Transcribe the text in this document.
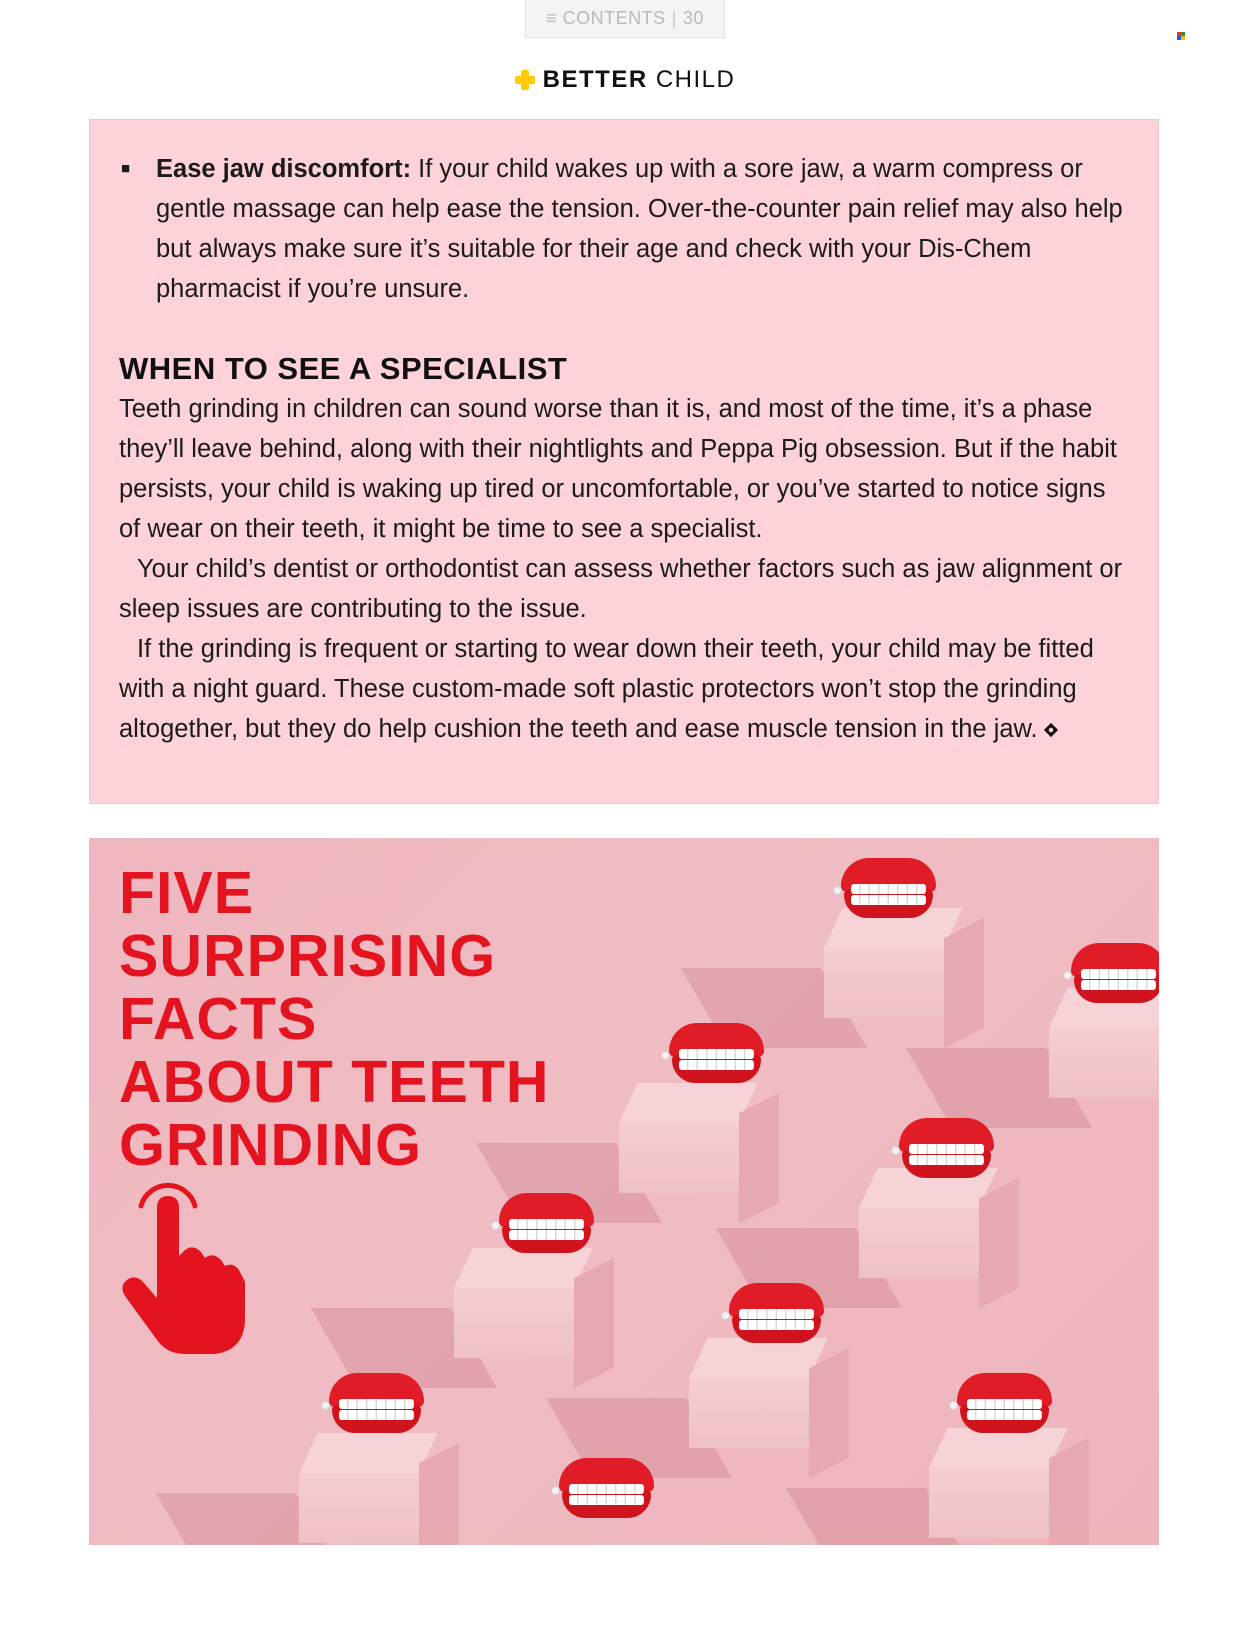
≡ CONTENTS | 30
BETTER CHILD
■	Ease jaw discomfort: If your child wakes up with a sore jaw, a warm compress or gentle massage can help ease the tension. Over-the-counter pain relief may also help but always make sure it’s suitable for their age and check with your Dis-Chem pharmacist if you’re unsure.
WHEN TO SEE A SPECIALIST

Teeth grinding in children can sound worse than it is, and most of the time, it’s a phase they’ll leave behind, along with their nightlights and Peppa Pig obsession. But if the habit persists, your child is waking up tired or uncomfortable, or you’ve started to notice signs of wear on their teeth, it might be time to see a specialist.

Your child’s dentist or orthodontist can assess whether factors such as jaw alignment or sleep issues are contributing to the issue.

If the grinding is frequent or starting to wear down their teeth, your child may be fitted with a night guard. These custom-made soft plastic protectors won’t stop the grinding altogether, but they do help cushion the teeth and ease muscle tension in the jaw.

FIVE
SURPRISING
FACTS
ABOUT TEETH
GRINDING
